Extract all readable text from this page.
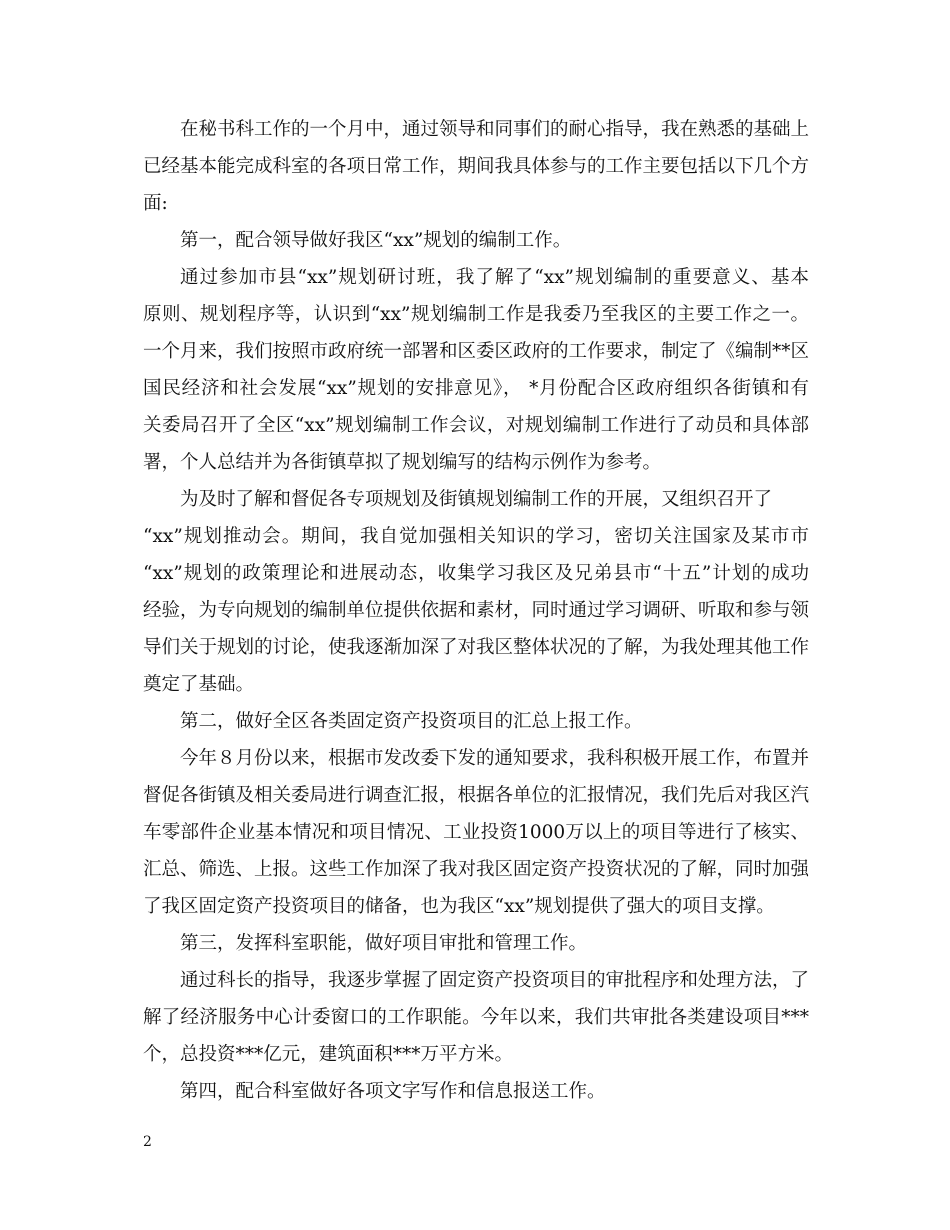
在秘书科工作的一个月中，通过领导和同事们的耐心指导，我在熟悉的基础上
已经基本能完成科室的各项日常工作，期间我具体参与的工作主要包括以下几个方
面:
第一，配合领导做好我区“xx”规划的编制工作。
通过参加市县“xx”规划研讨班，我了解了“xx”规划编制的重要意义、基本
原则、规划程序等，认识到“xx”规划编制工作是我委乃至我区的主要工作之一。
一个月来，我们按照市政府统一部署和区委区政府的工作要求，制定了《编制**区
国民经济和社会发展“xx”规划的安排意见》， *月份配合区政府组织各街镇和有
关委局召开了全区“xx”规划编制工作会议，对规划编制工作进行了动员和具体部
署，个人总结并为各街镇草拟了规划编写的结构示例作为参考。
为及时了解和督促各专项规划及街镇规划编制工作的开展，又组织召开了
“xx”规划推动会。期间，我自觉加强相关知识的学习，密切关注国家及某市市
“xx”规划的政策理论和进展动态，收集学习我区及兄弟县市“十五”计划的成功
经验，为专向规划的编制单位提供依据和素材，同时通过学习调研、听取和参与领
导们关于规划的讨论，使我逐渐加深了对我区整体状况的了解，为我处理其他工作
奠定了基础。
第二，做好全区各类固定资产投资项目的汇总上报工作。
今年８月份以来，根据市发改委下发的通知要求，我科积极开展工作，布置并
督促各街镇及相关委局进行调查汇报，根据各单位的汇报情况，我们先后对我区汽
车零部件企业基本情况和项目情况、工业投资1000万以上的项目等进行了核实、
汇总、筛选、上报。这些工作加深了我对我区固定资产投资状况的了解，同时加强
了我区固定资产投资项目的储备，也为我区“xx”规划提供了强大的项目支撑。
第三，发挥科室职能，做好项目审批和管理工作。
通过科长的指导，我逐步掌握了固定资产投资项目的审批程序和处理方法，了
解了经济服务中心计委窗口的工作职能。今年以来，我们共审批各类建设项目***
个，总投资***亿元，建筑面积***万平方米。
第四，配合科室做好各项文字写作和信息报送工作。
2
